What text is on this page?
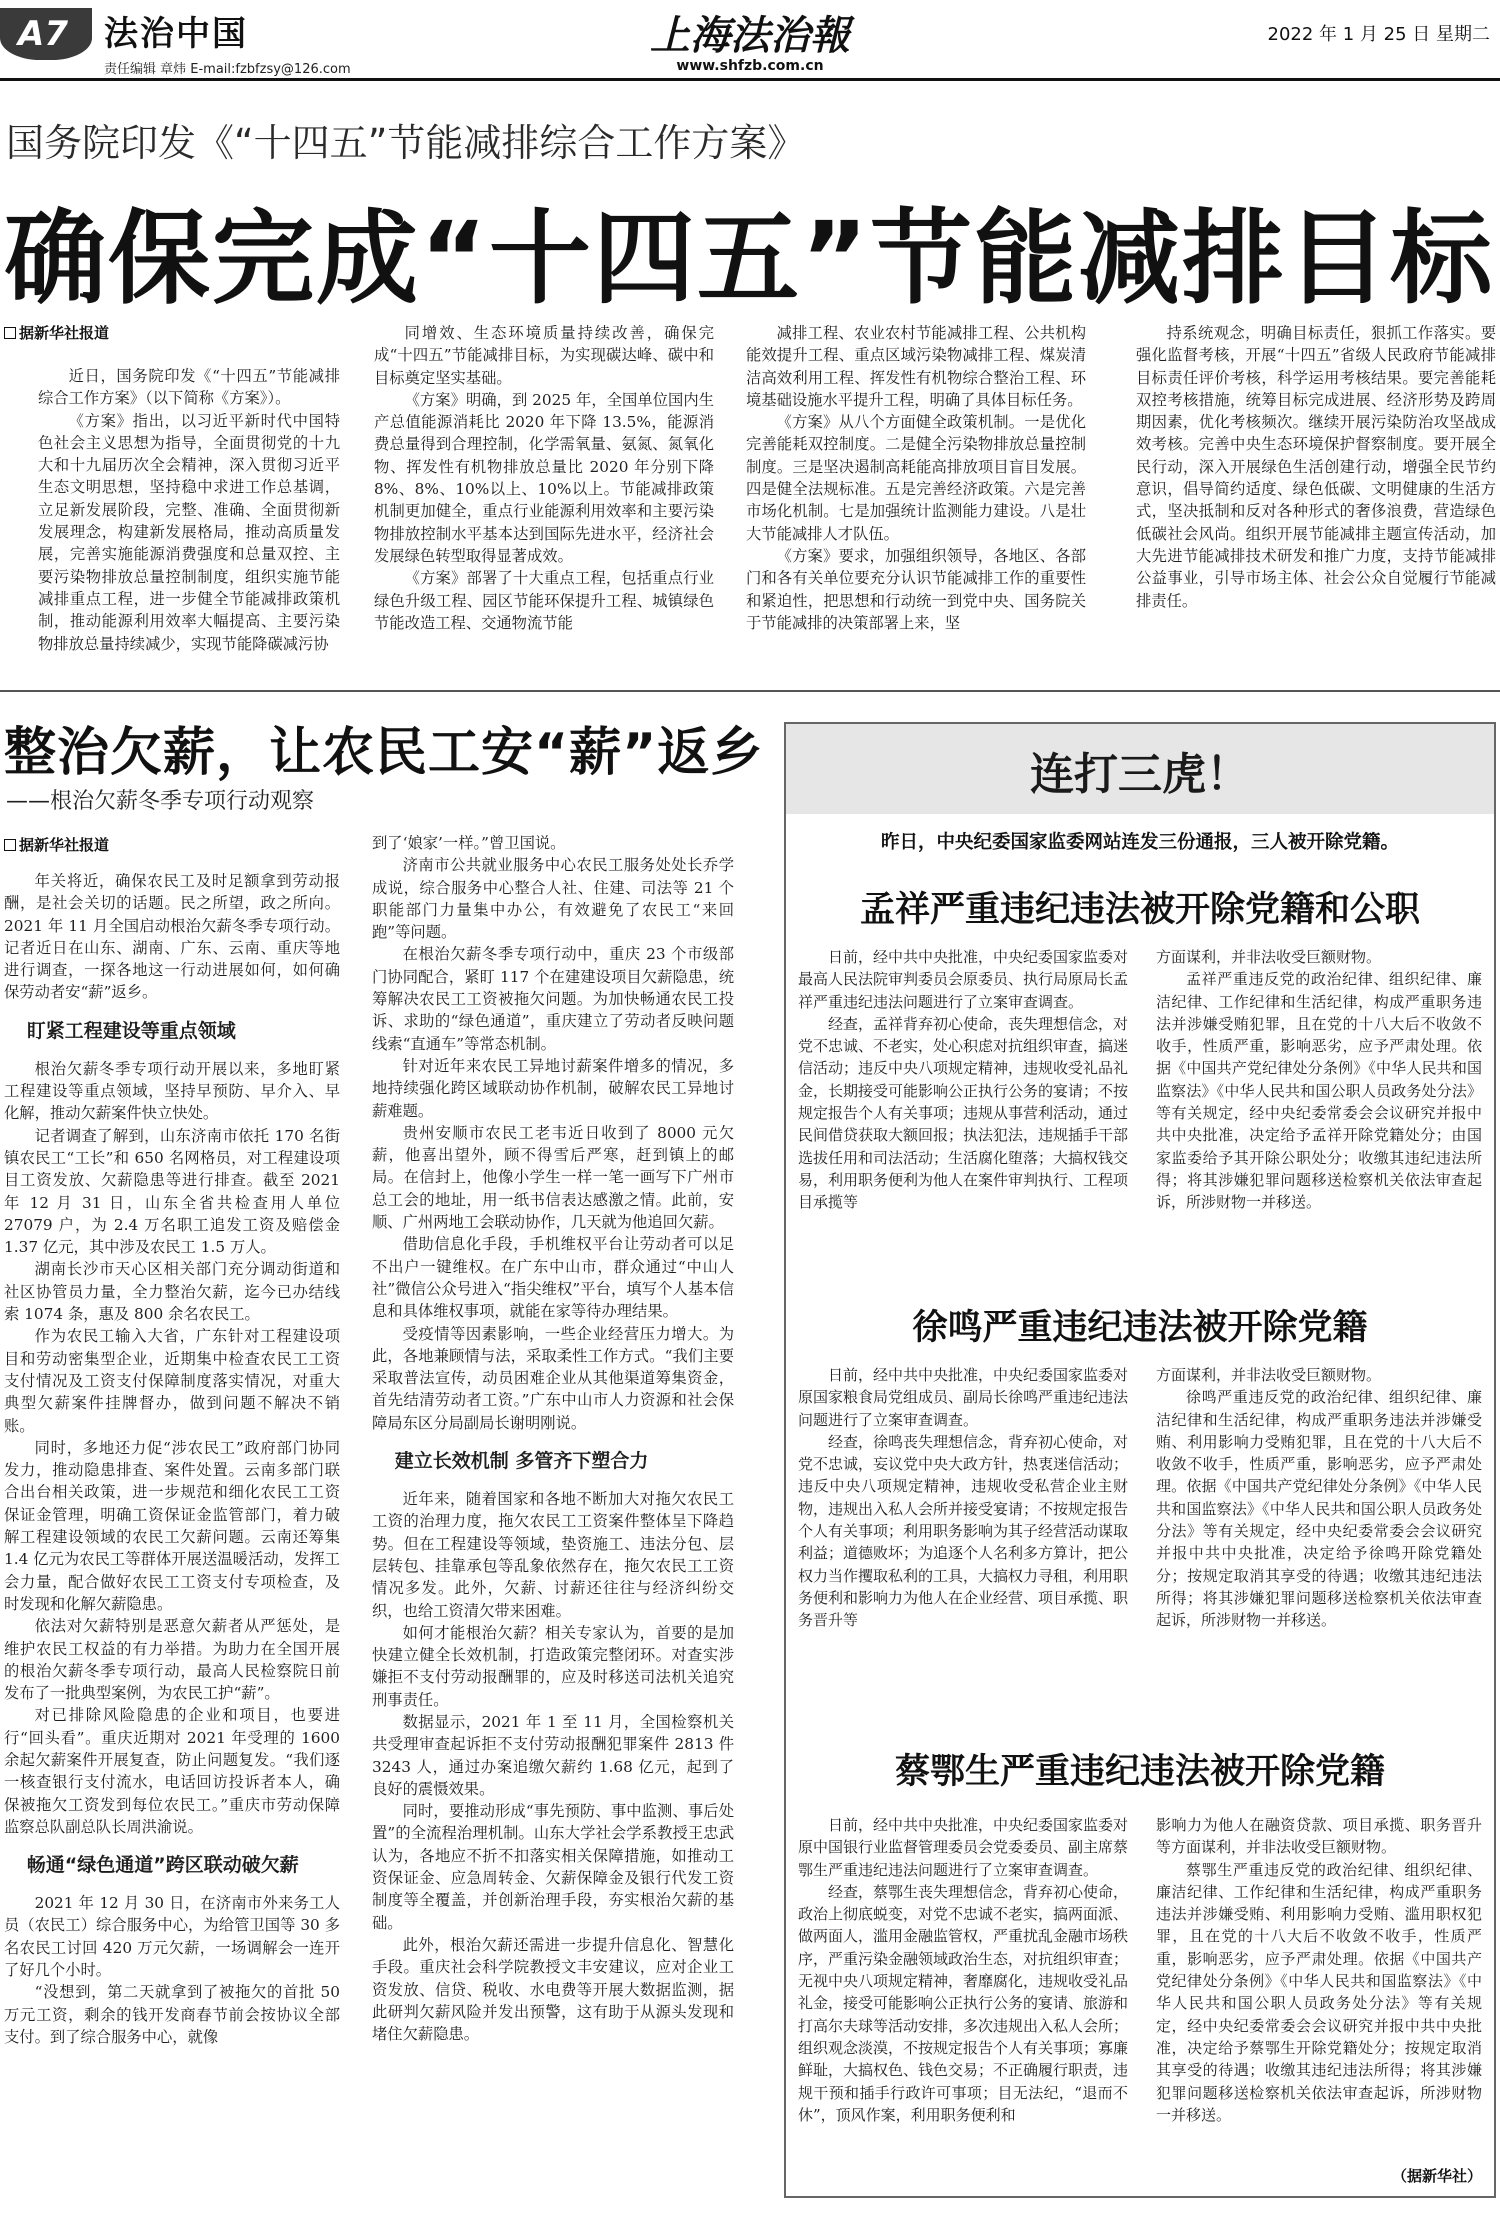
A7 法治中国
责任编辑 章炜 E-mail:fzbfzsy@126.com
上海法治報
www.shfzb.com.cn
2022 年 1 月 25 日 星期二
国务院印发《“十四五”节能减排综合工作方案》
确保完成“十四五”节能减排目标
据新华社报道

近日，国务院印发《“十四五”节能减排综合工作方案》（以下简称《方案》）。

《方案》指出，以习近平新时代中国特色社会主义思想为指导，全面贯彻党的十九大和十九届历次全会精神，深入贯彻习近平生态文明思想，坚持稳中求进工作总基调，立足新发展阶段，完整、准确、全面贯彻新发展理念，构建新发展格局，推动高质量发展，完善实施能源消费强度和总量双控、主要污染物排放总量控制制度，组织实施节能减排重点工程，进一步健全节能减排政策机制，推动能源利用效率大幅提高、主要污染物排放总量持续减少，实现节能降碳减污协

同增效、生态环境质量持续改善，确保完成“十四五”节能减排目标，为实现碳达峰、碳中和目标奠定坚实基础。

《方案》明确，到 2025 年，全国单位国内生产总值能源消耗比 2020 年下降 13.5%，能源消费总量得到合理控制，化学需氧量、氨氮、氮氧化物、挥发性有机物排放总量比 2020 年分别下降 8%、8%、10%以上、10%以上。节能减排政策机制更加健全，重点行业能源利用效率和主要污染物排放控制水平基本达到国际先进水平，经济社会发展绿色转型取得显著成效。

《方案》部署了十大重点工程，包括重点行业绿色升级工程、园区节能环保提升工程、城镇绿色节能改造工程、交通物流节能

减排工程、农业农村节能减排工程、公共机构能效提升工程、重点区域污染物减排工程、煤炭清洁高效利用工程、挥发性有机物综合整治工程、环境基础设施水平提升工程，明确了具体目标任务。

《方案》从八个方面健全政策机制。一是优化完善能耗双控制度。二是健全污染物排放总量控制制度。三是坚决遏制高耗能高排放项目盲目发展。四是健全法规标准。五是完善经济政策。六是完善市场化机制。七是加强统计监测能力建设。八是壮大节能减排人才队伍。

《方案》要求，加强组织领导，各地区、各部门和各有关单位要充分认识节能减排工作的重要性和紧迫性，把思想和行动统一到党中央、国务院关于节能减排的决策部署上来，坚

持系统观念，明确目标责任，狠抓工作落实。要强化监督考核，开展“十四五”省级人民政府节能减排目标责任评价考核，科学运用考核结果。要完善能耗双控考核措施，统筹目标完成进展、经济形势及跨周期因素，优化考核频次。继续开展污染防治攻坚战成效考核。完善中央生态环境保护督察制度。要开展全民行动，深入开展绿色生活创建行动，增强全民节约意识，倡导简约适度、绿色低碳、文明健康的生活方式，坚决抵制和反对各种形式的奢侈浪费，营造绿色低碳社会风尚。组织开展节能减排主题宣传活动，加大先进节能减排技术研发和推广力度，支持节能减排公益事业，引导市场主体、社会公众自觉履行节能减排责任。

整治欠薪，让农民工安“薪”返乡
——根治欠薪冬季专项行动观察
据新华社报道

年关将近，确保农民工及时足额拿到劳动报酬，是社会关切的话题。民之所望，政之所向。2021 年 11 月全国启动根治欠薪冬季专项行动。记者近日在山东、湖南、广东、云南、重庆等地进行调查，一探各地这一行动进展如何，如何确保劳动者安“薪”返乡。

盯紧工程建设等重点领域

根治欠薪冬季专项行动开展以来，多地盯紧工程建设等重点领域，坚持早预防、早介入、早化解，推动欠薪案件快立快处。

记者调查了解到，山东济南市依托 170 名街镇农民工“工长”和 650 名网格员，对工程建设项目工资发放、欠薪隐患等进行排查。截至 2021 年 12 月 31 日，山东全省共检查用人单位 27079 户，为 2.4 万名职工追发工资及赔偿金 1.37 亿元，其中涉及农民工 1.5 万人。

湖南长沙市天心区相关部门充分调动街道和社区协管员力量，全力整治欠薪，迄今已办结线索 1074 条，惠及 800 余名农民工。

作为农民工输入大省，广东针对工程建设项目和劳动密集型企业，近期集中检查农民工工资支付情况及工资支付保障制度落实情况，对重大典型欠薪案件挂牌督办，做到问题不解决不销账。

同时，多地还力促“涉农民工”政府部门协同发力，推动隐患排查、案件处置。云南多部门联合出台相关政策，进一步规范和细化农民工工资保证金管理，明确工资保证金监管部门，着力破解工程建设领域的农民工欠薪问题。云南还筹集 1.4 亿元为农民工等群体开展送温暖活动，发挥工会力量，配合做好农民工工资支付专项检查，及时发现和化解欠薪隐患。

依法对欠薪特别是恶意欠薪者从严惩处，是维护农民工权益的有力举措。为助力在全国开展的根治欠薪冬季专项行动，最高人民检察院日前发布了一批典型案例，为农民工护“薪”。

对已排除风险隐患的企业和项目，也要进行“回头看”。重庆近期对 2021 年受理的 1600 余起欠薪案件开展复查，防止问题复发。“我们逐一核查银行支付流水，电话回访投诉者本人，确保被拖欠工资发到每位农民工。”重庆市劳动保障监察总队副总队长周洪渝说。

畅通“绿色通道”跨区联动破欠薪

2021 年 12 月 30 日，在济南市外来务工人员（农民工）综合服务中心，为给管卫国等 30 多名农民工讨回 420 万元欠薪，一场调解会一连开了好几个小时。

“没想到，第二天就拿到了被拖欠的首批 50 万元工资，剩余的钱开发商春节前会按协议全部支付。到了综合服务中心，就像

到了‘娘家’一样。”曾卫国说。

济南市公共就业服务中心农民工服务处处长乔学成说，综合服务中心整合人社、住建、司法等 21 个职能部门力量集中办公，有效避免了农民工“来回跑”等问题。

在根治欠薪冬季专项行动中，重庆 23 个市级部门协同配合，紧盯 117 个在建建设项目欠薪隐患，统筹解决农民工工资被拖欠问题。为加快畅通农民工投诉、求助的“绿色通道”，重庆建立了劳动者反映问题线索“直通车”等常态机制。

针对近年来农民工异地讨薪案件增多的情况，多地持续强化跨区域联动协作机制，破解农民工异地讨薪难题。

贵州安顺市农民工老韦近日收到了 8000 元欠薪，他喜出望外，顾不得雪后严寒，赶到镇上的邮局。在信封上，他像小学生一样一笔一画写下广州市总工会的地址，用一纸书信表达感激之情。此前，安顺、广州两地工会联动协作，几天就为他追回欠薪。

借助信息化手段，手机维权平台让劳动者可以足不出户一键维权。在广东中山市，群众通过“中山人社”微信公众号进入“指尖维权”平台，填写个人基本信息和具体维权事项，就能在家等待办理结果。

受疫情等因素影响，一些企业经营压力增大。为此，各地兼顾情与法，采取柔性工作方式。“我们主要采取普法宣传，动员困难企业从其他渠道筹集资金，首先结清劳动者工资。”广东中山市人力资源和社会保障局东区分局副局长谢明刚说。

建立长效机制 多管齐下塑合力

近年来，随着国家和各地不断加大对拖欠农民工工资的治理力度，拖欠农民工工资案件整体呈下降趋势。但在工程建设等领域，垫资施工、违法分包、层层转包、挂靠承包等乱象依然存在，拖欠农民工工资情况多发。此外，欠薪、讨薪还往往与经济纠纷交织，也给工资清欠带来困难。

如何才能根治欠薪？相关专家认为，首要的是加快建立健全长效机制，打造政策完整闭环。对查实涉嫌拒不支付劳动报酬罪的，应及时移送司法机关追究刑事责任。

数据显示，2021 年 1 至 11 月，全国检察机关共受理审查起诉拒不支付劳动报酬犯罪案件 2813 件 3243 人，通过办案追缴欠薪约 1.68 亿元，起到了良好的震慑效果。

同时，要推动形成“事先预防、事中监测、事后处置”的全流程治理机制。山东大学社会学系教授王忠武认为，各地应不折不扣落实相关保障措施，如推动工资保证金、应急周转金、欠薪保障金及银行代发工资制度等全覆盖，并创新治理手段，夯实根治欠薪的基础。

此外，根治欠薪还需进一步提升信息化、智慧化手段。重庆社会科学院教授文丰安建议，应对企业工资发放、信贷、税收、水电费等开展大数据监测，据此研判欠薪风险并发出预警，这有助于从源头发现和堵住欠薪隐患。

连打三虎！
昨日，中央纪委国家监委网站连发三份通报，三人被开除党籍。
孟祥严重违纪违法被开除党籍和公职

日前，经中共中央批准，中央纪委国家监委对最高人民法院审判委员会原委员、执行局原局长孟祥严重违纪违法问题进行了立案审查调查。

经查，孟祥背弃初心使命，丧失理想信念，对党不忠诚、不老实，处心积虑对抗组织审查，搞迷信活动；违反中央八项规定精神，违规收受礼品礼金，长期接受可能影响公正执行公务的宴请；不按规定报告个人有关事项；违规从事营利活动，通过民间借贷获取大额回报；执法犯法，违规插手干部选拔任用和司法活动；生活腐化堕落；大搞权钱交易，利用职务便利为他人在案件审判执行、工程项目承揽等

方面谋利，并非法收受巨额财物。

孟祥严重违反党的政治纪律、组织纪律、廉洁纪律、工作纪律和生活纪律，构成严重职务违法并涉嫌受贿犯罪，且在党的十八大后不收敛不收手，性质严重，影响恶劣，应予严肃处理。依据《中国共产党纪律处分条例》《中华人民共和国监察法》《中华人民共和国公职人员政务处分法》等有关规定，经中央纪委常委会会议研究并报中共中央批准，决定给予孟祥开除党籍处分；由国家监委给予其开除公职处分；收缴其违纪违法所得；将其涉嫌犯罪问题移送检察机关依法审查起诉，所涉财物一并移送。

徐鸣严重违纪违法被开除党籍

日前，经中共中央批准，中央纪委国家监委对原国家粮食局党组成员、副局长徐鸣严重违纪违法问题进行了立案审查调查。

经查，徐鸣丧失理想信念，背弃初心使命，对党不忠诚，妄议党中央大政方针，热衷迷信活动；违反中央八项规定精神，违规收受私营企业主财物，违规出入私人会所并接受宴请；不按规定报告个人有关事项；利用职务影响为其子经营活动谋取利益；道德败坏；为追逐个人名利多方算计，把公权力当作攫取私利的工具，大搞权力寻租，利用职务便利和影响力为他人在企业经营、项目承揽、职务晋升等

方面谋利，并非法收受巨额财物。

徐鸣严重违反党的政治纪律、组织纪律、廉洁纪律和生活纪律，构成严重职务违法并涉嫌受贿、利用影响力受贿犯罪，且在党的十八大后不收敛不收手，性质严重，影响恶劣，应予严肃处理。依据《中国共产党纪律处分条例》《中华人民共和国监察法》《中华人民共和国公职人员政务处分法》等有关规定，经中央纪委常委会会议研究并报中共中央批准，决定给予徐鸣开除党籍处分；按规定取消其享受的待遇；收缴其违纪违法所得；将其涉嫌犯罪问题移送检察机关依法审查起诉，所涉财物一并移送。

蔡鄂生严重违纪违法被开除党籍

日前，经中共中央批准，中央纪委国家监委对原中国银行业监督管理委员会党委委员、副主席蔡鄂生严重违纪违法问题进行了立案审查调查。

经查，蔡鄂生丧失理想信念，背弃初心使命，政治上彻底蜕变，对党不忠诚不老实，搞两面派、做两面人，滥用金融监管权，严重扰乱金融市场秩序，严重污染金融领域政治生态，对抗组织审查；无视中央八项规定精神，奢靡腐化，违规收受礼品礼金，接受可能影响公正执行公务的宴请、旅游和打高尔夫球等活动安排，多次违规出入私人会所；组织观念淡漠，不按规定报告个人有关事项；寡廉鲜耻，大搞权色、钱色交易；不正确履行职责，违规干预和插手行政许可事项；目无法纪，“退而不休”，顶风作案，利用职务便利和

影响力为他人在融资贷款、项目承揽、职务晋升等方面谋利，并非法收受巨额财物。

蔡鄂生严重违反党的政治纪律、组织纪律、廉洁纪律、工作纪律和生活纪律，构成严重职务违法并涉嫌受贿、利用影响力受贿、滥用职权犯罪，且在党的十八大后不收敛不收手，性质严重，影响恶劣，应予严肃处理。依据《中国共产党纪律处分条例》《中华人民共和国监察法》《中华人民共和国公职人员政务处分法》等有关规定，经中央纪委常委会会议研究并报中共中央批准，决定给予蔡鄂生开除党籍处分；按规定取消其享受的待遇；收缴其违纪违法所得；将其涉嫌犯罪问题移送检察机关依法审查起诉，所涉财物一并移送。

（据新华社）
